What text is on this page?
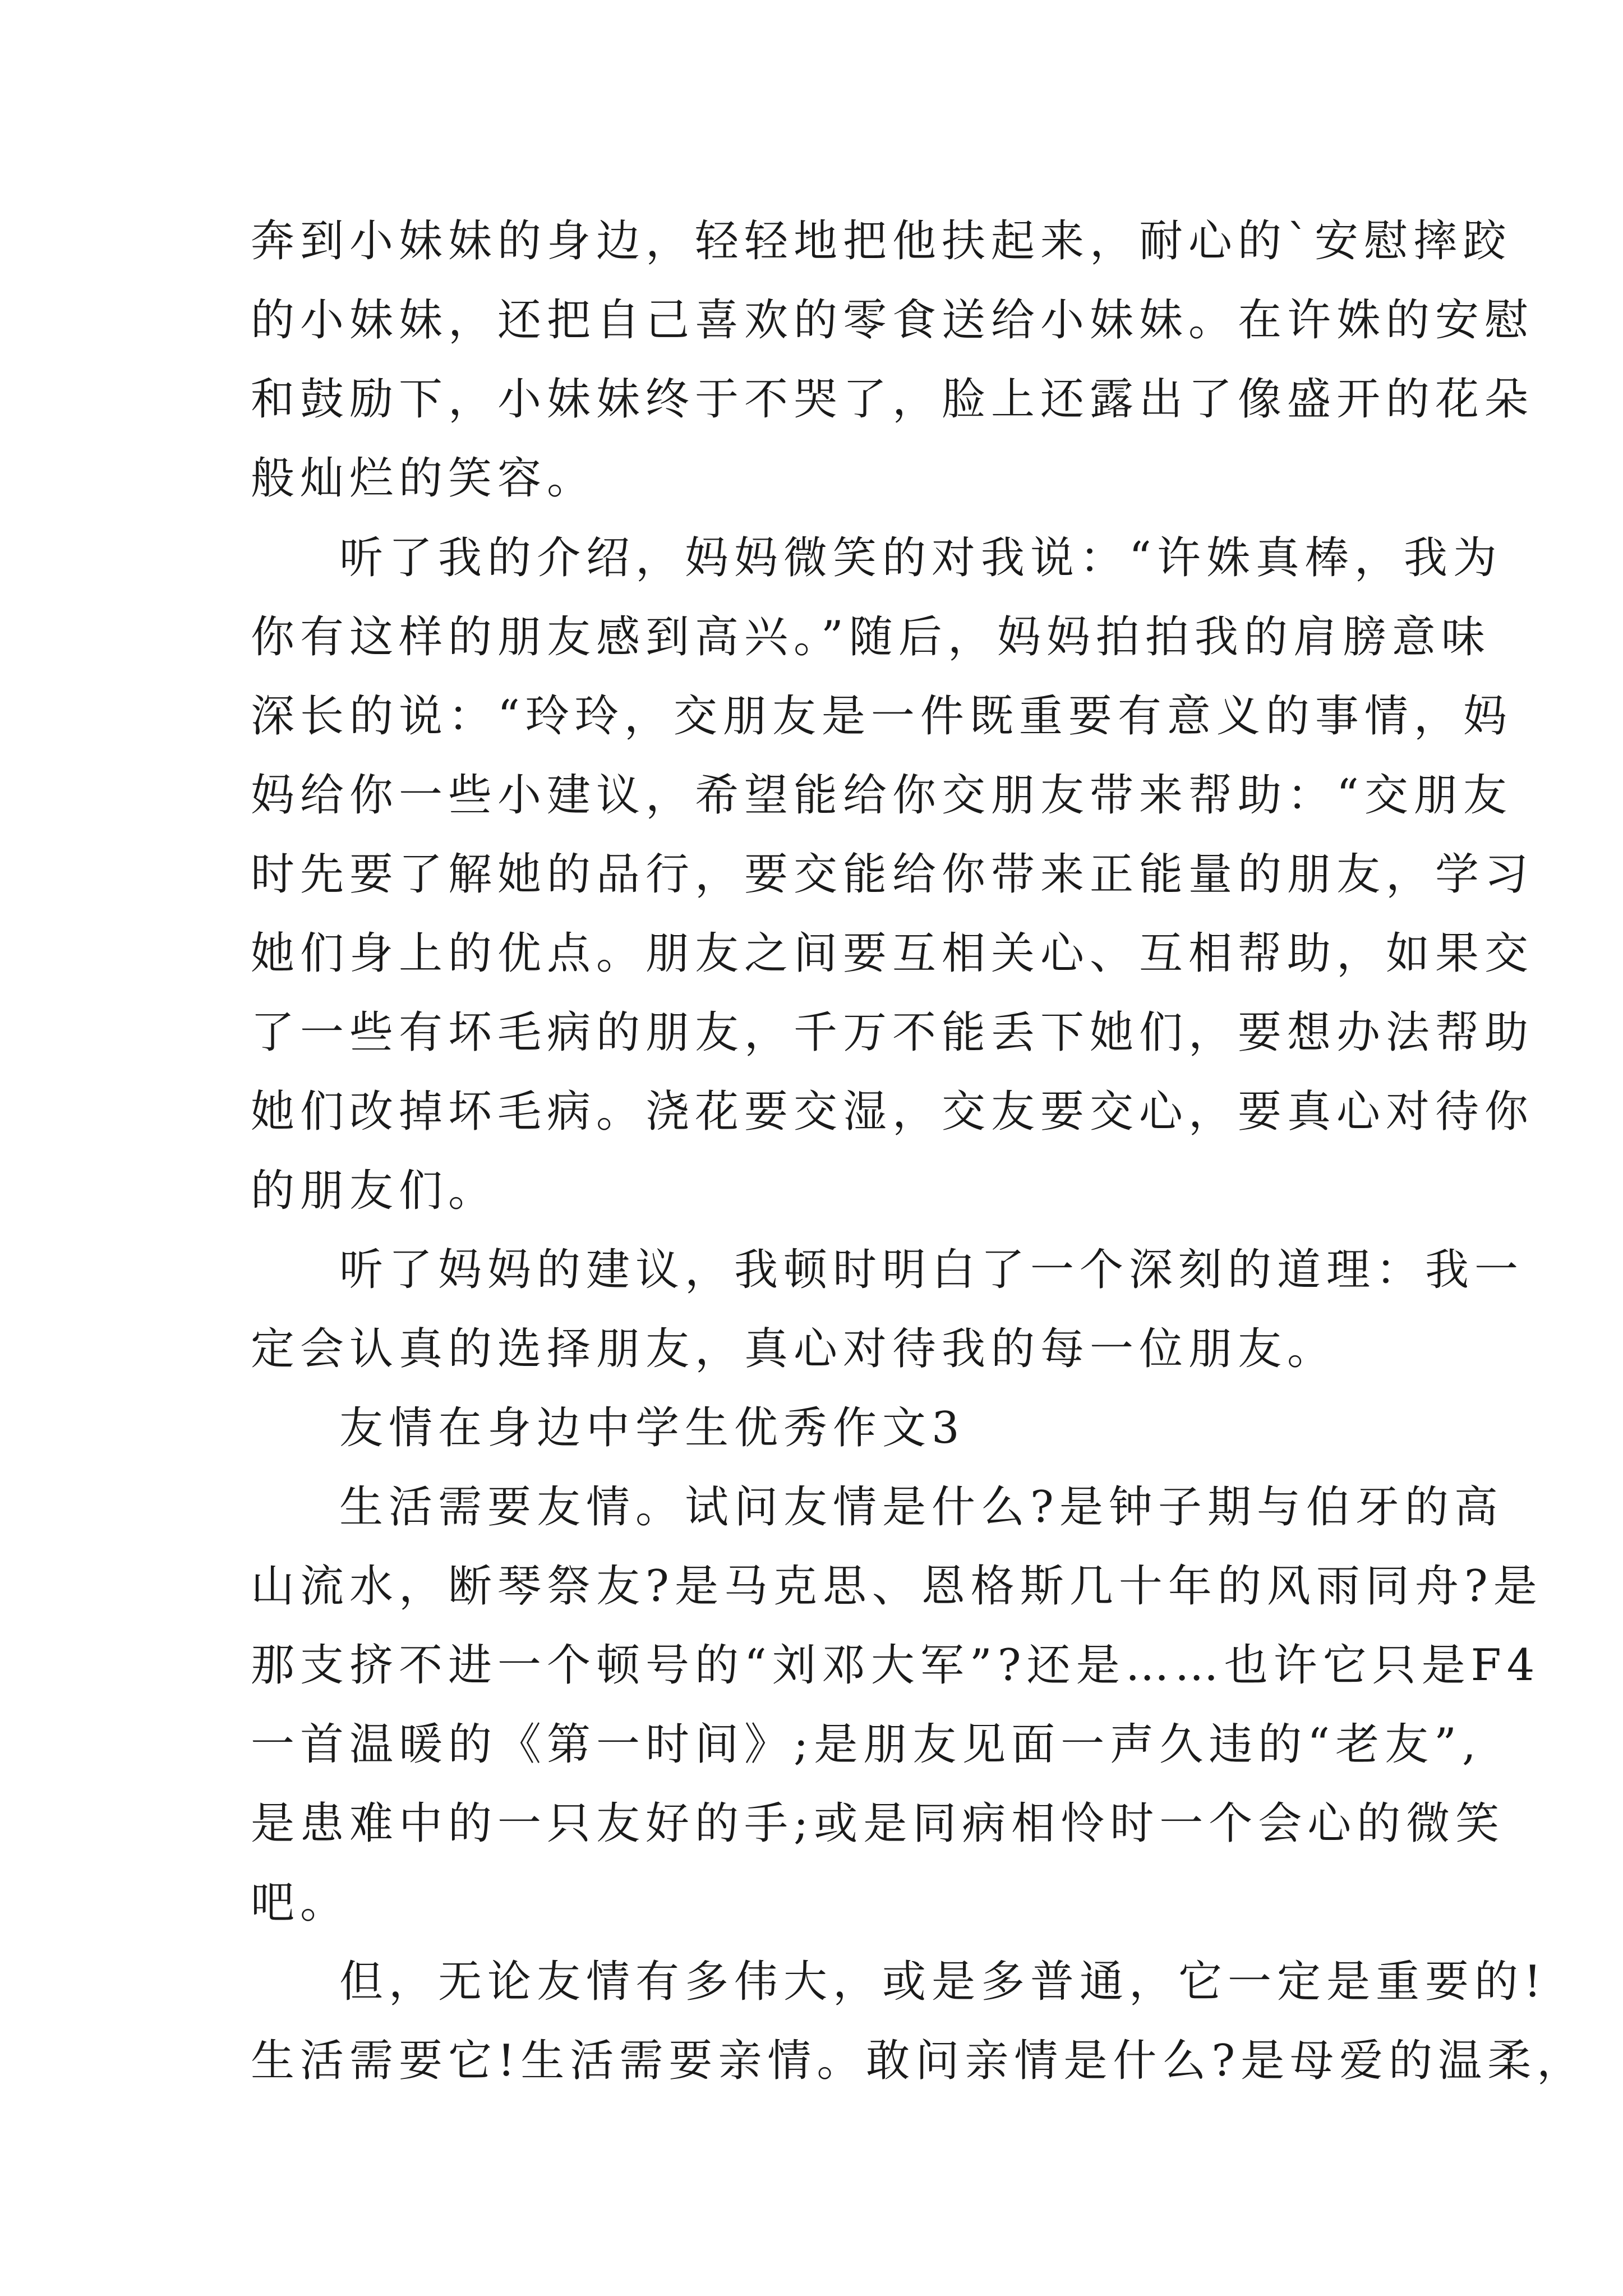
奔到小妹妹的身边，轻轻地把他扶起来，耐心的`安慰摔跤

的小妹妹，还把自己喜欢的零食送给小妹妹。在许姝的安慰

和鼓励下，小妹妹终于不哭了，脸上还露出了像盛开的花朵

般灿烂的笑容。

听了我的介绍，妈妈微笑的对我说：“许姝真棒，我为

你有这样的朋友感到高兴。”随后，妈妈拍拍我的肩膀意味

深长的说：“玲玲，交朋友是一件既重要有意义的事情，妈

妈给你一些小建议，希望能给你交朋友带来帮助：“交朋友

时先要了解她的品行，要交能给你带来正能量的朋友，学习

她们身上的优点。朋友之间要互相关心、互相帮助，如果交

了一些有坏毛病的朋友，千万不能丢下她们，要想办法帮助

她们改掉坏毛病。浇花要交湿，交友要交心，要真心对待你

的朋友们。

听了妈妈的建议，我顿时明白了一个深刻的道理：我一

定会认真的选择朋友，真心对待我的每一位朋友。

友情在身边中学生优秀作文3

生活需要友情。试问友情是什么?是钟子期与伯牙的高

山流水，断琴祭友?是马克思、恩格斯几十年的风雨同舟?是

那支挤不进一个顿号的“刘邓大军”?还是……也许它只是F4

一首温暖的《第一时间》;是朋友见面一声久违的“老友”,

是患难中的一只友好的手;或是同病相怜时一个会心的微笑

吧。

但，无论友情有多伟大，或是多普通，它一定是重要的!

生活需要它!生活需要亲情。敢问亲情是什么?是母爱的温柔，
